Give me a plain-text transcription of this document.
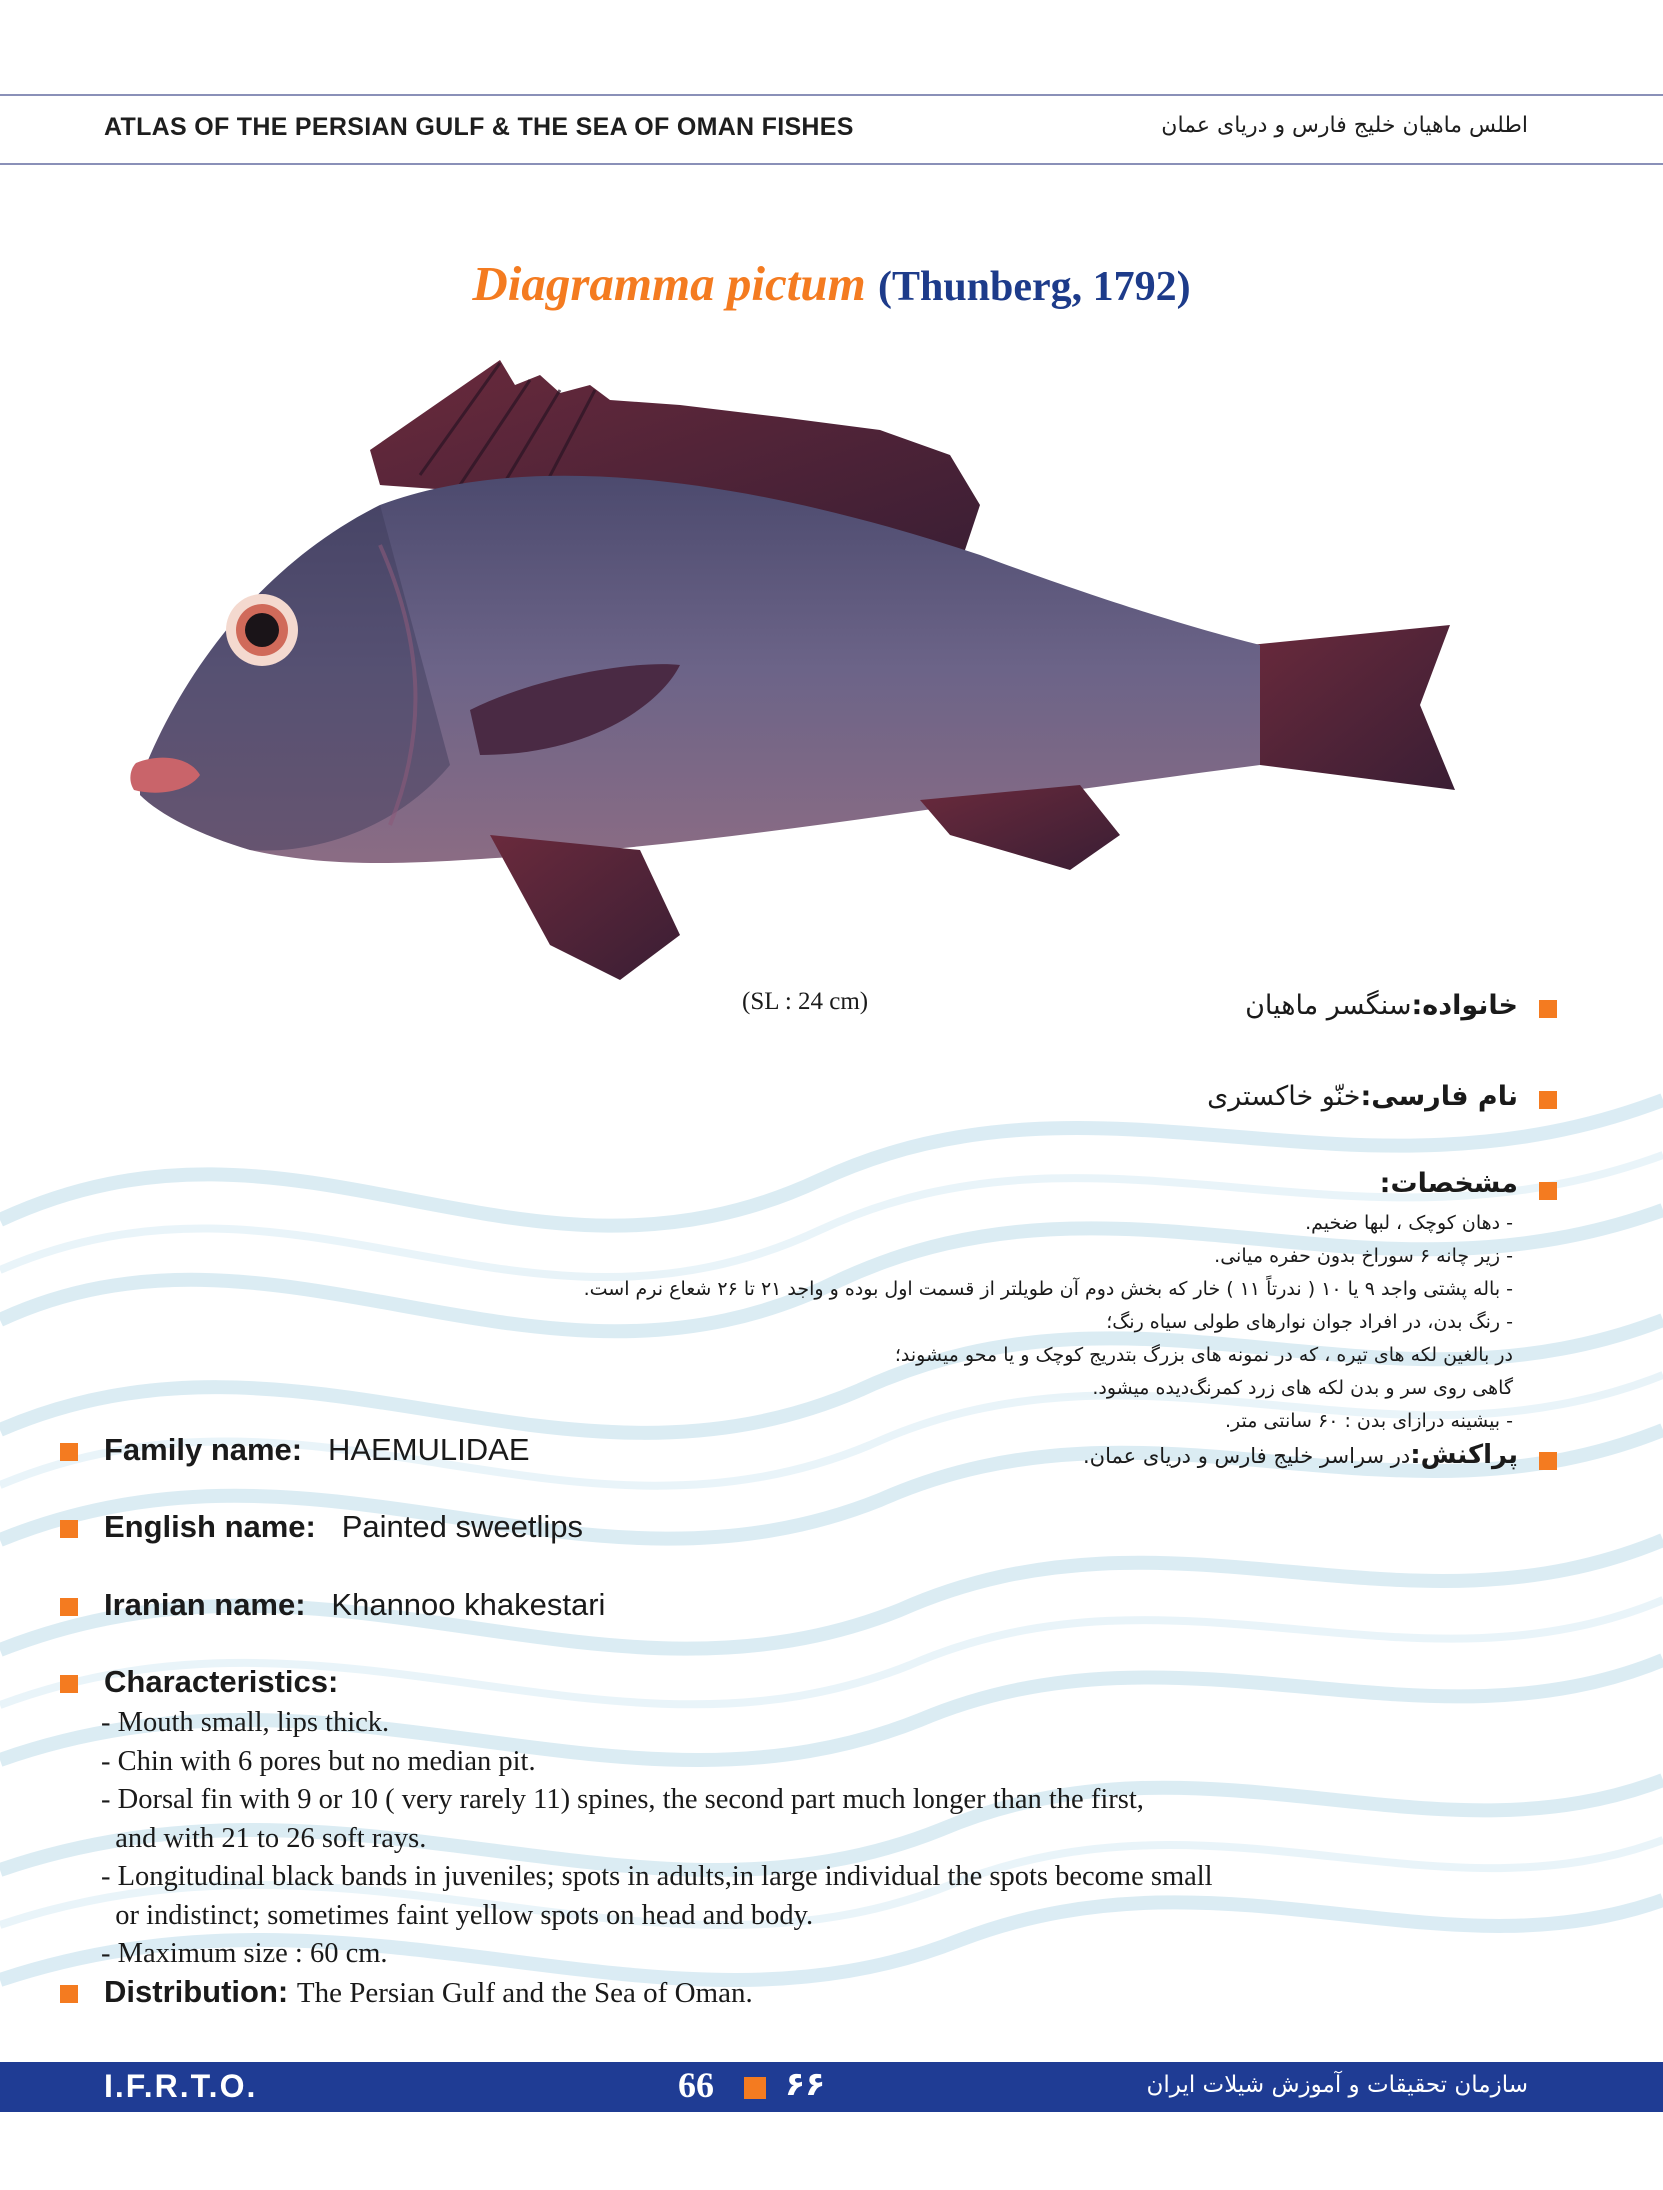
ATLAS OF THE PERSIAN GULF & THE SEA OF OMAN FISHES	اطلس ماهیان خلیج فارس و دریای عمان
Diagramma pictum (Thunberg, 1792)
(SL : 24 cm)	خانواده:سنگسر ماهیان
نام فارسی:خنّو خاکستری
مشخصات:
- دهان کوچک ، لبها ضخیم.
- زیر چانه ۶ سوراخ بدون حفره میانی.
- باله پشتی واجد ۹ یا ۱۰ ( ندرتاً ۱۱ ) خار که بخش دوم آن طویلتر از قسمت اول بوده و واجد ۲۱ تا ۲۶ شعاع نرم است.
- رنگ بدن، در افراد جوان نوارهای طولی سیاه رنگ؛
در بالغین لکه های تیره ، که در نمونه های بزرگ بتدریج کوچک و یا محو میشوند؛
گاهی روی سر و بدن لکه های زرد کمرنگ‌دیده میشود.
- بیشینه درازای بدن : ۶۰ سانتی متر.
پراکنش:در سراسر خلیج فارس و دریای عمان.
Family name: HAEMULIDAE
English name: Painted sweetlips
Iranian name: Khannoo khakestari
Characteristics:
- Mouth small, lips thick.
- Chin with 6 pores but no median pit.
- Dorsal fin with 9 or 10 ( very rarely 11) spines, the second part much longer than the first,
and with 21 to 26 soft rays.
- Longitudinal black bands in juveniles; spots in adults,in large individual the spots become small
or indistinct; sometimes faint yellow spots on head and body.
- Maximum size : 60 cm.
Distribution: The Persian Gulf and the Sea of Oman.
I.F.R.T.O.	66 ۶۶	سازمان تحقیقات و آموزش شیلات ایران
